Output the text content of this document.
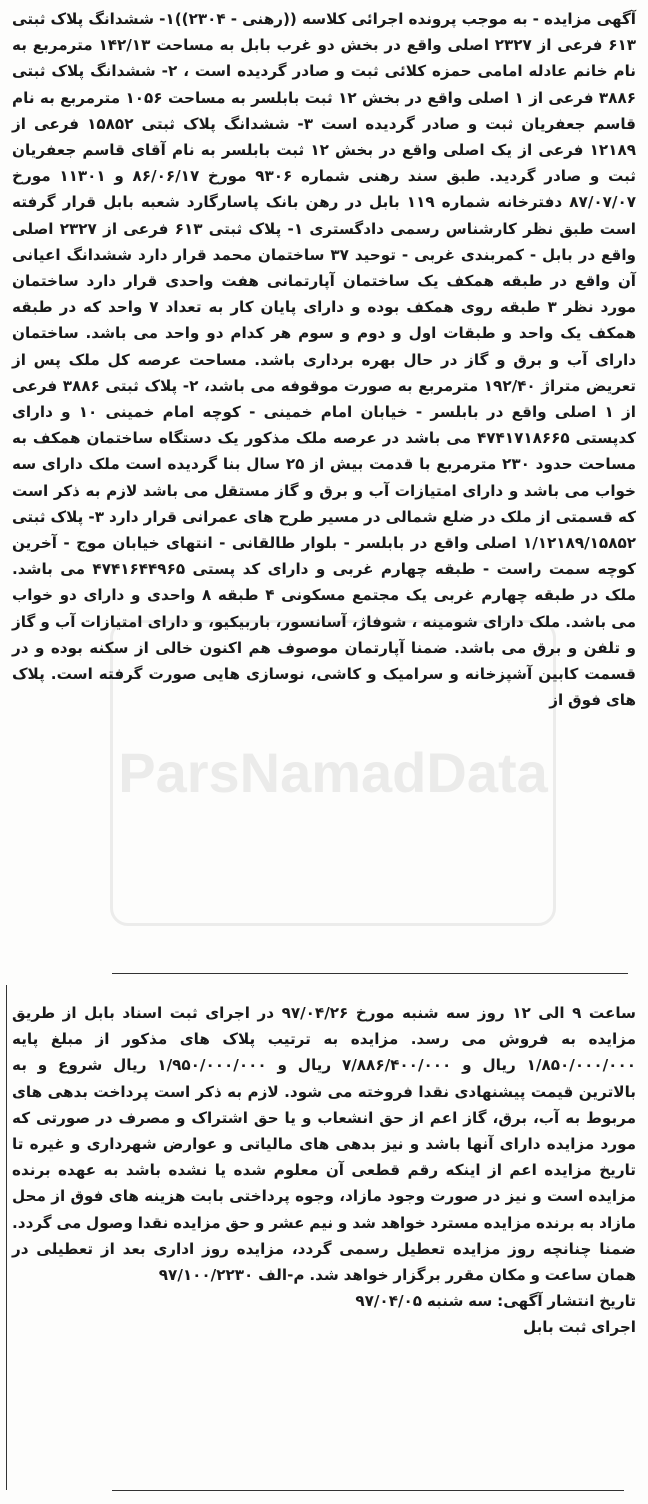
ParsNamadData
آگهی مزایده - به موجب پرونده اجرائی کلاسه ((رهنی - ۲۳۰۴))۱- ششدانگ پلاک ثبتی ۶۱۳ فرعی از ۲۳۲۷ اصلی واقع در بخش دو غرب بابل به مساحت ۱۴۲/۱۳ مترمربع به نام خانم عادله امامی حمزه کلائی ثبت و صادر گردیده است ، ۲- ششدانگ پلاک ثبتی ۳۸۸۶ فرعی از ۱ اصلی واقع در بخش ۱۲ ثبت بابلسر به مساحت ۱۰۵۶ مترمربع به نام قاسم جعفریان ثبت و صادر گردیده است ۳- ششدانگ پلاک ثبتی ۱۵۸۵۲ فرعی از ۱۲۱۸۹ فرعی از یک اصلی واقع در بخش ۱۲ ثبت بابلسر به نام آقای قاسم جعفریان ثبت و صادر گردید. طبق سند رهنی شماره ۹۳۰۶ مورخ ۸۶/۰۶/۱۷ و ۱۱۳۰۱ مورخ ۸۷/۰۷/۰۷ دفترخانه شماره ۱۱۹ بابل در رهن بانک پاسارگارد شعبه بابل قرار گرفته است طبق نظر کارشناس رسمی دادگستری ۱- پلاک ثبتی ۶۱۳ فرعی از ۲۳۲۷ اصلی واقع در بابل - کمربندی غربی - توحید ۳۷ ساختمان محمد قرار دارد ششدانگ اعیانی آن واقع در طبقه همکف یک ساختمان آپارتمانی هفت واحدی قرار دارد ساختمان مورد نظر ۳ طبقه روی همکف بوده و دارای پایان کار به تعداد ۷ واحد که در طبقه همکف یک واحد و طبقات اول و دوم و سوم هر کدام دو واحد می باشد. ساختمان دارای آب و برق و گاز در حال بهره برداری باشد. مساحت عرصه کل ملک پس از تعریض متراژ ۱۹۲/۴۰ مترمربع به صورت موقوفه می باشد، ۲- پلاک ثبتی ۳۸۸۶ فرعی از ۱ اصلی واقع در بابلسر - خیابان امام خمینی - کوچه امام خمینی ۱۰ و دارای کدپستی ۴۷۴۱۷۱۸۶۶۵ می باشد در عرصه ملک مذکور یک دستگاه ساختمان همکف به مساحت حدود ۲۳۰ مترمربع با قدمت بیش از ۲۵ سال بنا گردیده است ملک دارای سه خواب می باشد و دارای امتیازات آب و برق و گاز مستقل می باشد لازم به ذکر است که قسمتی از ملک در ضلع شمالی در مسیر طرح های عمرانی قرار دارد ۳- پلاک ثبتی ۱/۱۲۱۸۹/۱۵۸۵۲ اصلی واقع در بابلسر - بلوار طالقانی - انتهای خیابان موج - آخرین کوچه سمت راست - طبقه چهارم غربی و دارای کد پستی ۴۷۴۱۶۴۴۹۶۵ می باشد. ملک در طبقه چهارم غربی یک مجتمع مسکونی ۴ طبقه ۸ واحدی و دارای دو خواب می باشد. ملک دارای شومینه ، شوفاژ، آسانسور، باربیکیو، و دارای امتیازات آب و گاز و تلفن و برق می باشد. ضمنا آپارتمان موصوف هم اکنون خالی از سکنه بوده و در قسمت کابین آشپزخانه و سرامیک و کاشی، نوسازی هایی صورت گرفته است. پلاک های فوق از
ساعت ۹ الی ۱۲ روز سه شنبه مورخ ۹۷/۰۴/۲۶ در اجرای ثبت اسناد بابل از طریق مزایده به فروش می رسد. مزایده به ترتیب پلاک های مذکور از مبلغ پایه ۱/۸۵۰/۰۰۰/۰۰۰ ریال و ۷/۸۸۶/۴۰۰/۰۰۰ ریال و ۱/۹۵۰/۰۰۰/۰۰۰ ریال شروع و به بالاترین قیمت پیشنهادی نقدا فروخته می شود. لازم به ذکر است پرداخت بدهی های مربوط به آب، برق، گاز اعم از حق انشعاب و یا حق اشتراک و مصرف در صورتی که مورد مزایده دارای آنها باشد و نیز بدهی های مالیاتی و عوارض شهرداری و غیره تا تاریخ مزایده اعم از اینکه رقم قطعی آن معلوم شده یا نشده باشد به عهده برنده مزایده است و نیز در صورت وجود مازاد، وجوه پرداختی بابت هزینه های فوق از محل مازاد به برنده مزایده مسترد خواهد شد و نیم عشر و حق مزایده نقدا وصول می گردد. ضمنا چنانچه روز مزایده تعطیل رسمی گردد، مزایده روز اداری بعد از تعطیلی در همان ساعت و مکان مقرر برگزار خواهد شد. م-الف ۹۷/۱۰۰/۲۲۳۰
تاریخ انتشار آگهی: سه شنبه ۹۷/۰۴/۰۵
اجرای ثبت بابل
